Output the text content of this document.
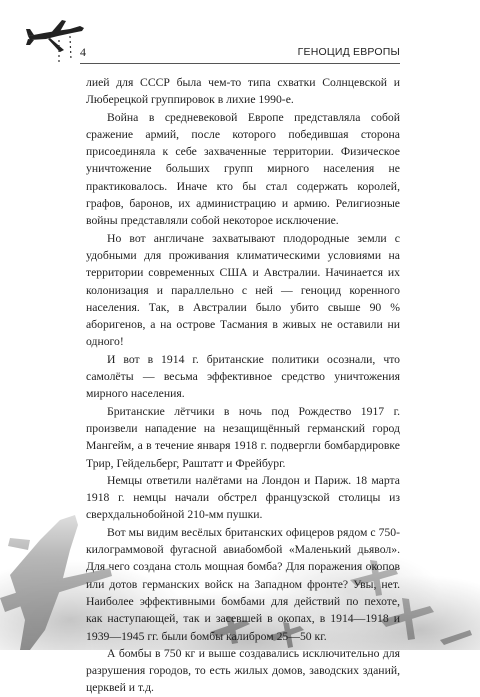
4	ГЕНОЦИД ЕВРОПЫ

лией для СССР была чем-то типа схватки Солнцевской и Люберецкой группировок в лихие 1990-е.

Война в средневековой Европе представляла собой сражение армий, после которого победившая сторона присоединяла к себе захваченные территории. Физическое уничтожение больших групп мирного населения не практиковалось. Иначе кто бы стал содержать королей, графов, баронов, их администрацию и армию. Религиозные войны представляли собой некоторое исключение.

Но вот англичане захватывают плодородные земли с удобными для проживания климатическими условиями на территории современных США и Австралии. Начинается их колонизация и параллельно с ней — геноцид коренного населения. Так, в Австралии было убито свыше 90 % аборигенов, а на острове Тасмания в живых не оставили ни одного!

И вот в 1914 г. британские политики осознали, что самолёты — весьма эффективное средство уничтожения мирного населения.

Британские лётчики в ночь под Рождество 1917 г. произвели нападение на незащищённый германский город Мангейм, а в течение января 1918 г. подвергли бомбардировке Трир, Гейдельберг, Раштатт и Фрейбург.

Немцы ответили налётами на Лондон и Париж. 18 марта 1918 г. немцы начали обстрел французской столицы из сверхдальнобойной 210-мм пушки.

Вот мы видим весёлых британских офицеров рядом с 750-килограммовой фугасной авиабомбой «Маленький дьявол». Для чего создана столь мощная бомба? Для поражения окопов или дотов германских войск на Западном фронте? Увы, нет. Наиболее эффективными бомбами для действий по пехоте, как наступающей, так и засевшей в окопах, в 1914—1918 и 1939—1945 гг. были бомбы калибром 25—50 кг.

А бомбы в 750 кг и выше создавались исключительно для разрушения городов, то есть жилых домов, заводских зданий, церквей и т.д.
